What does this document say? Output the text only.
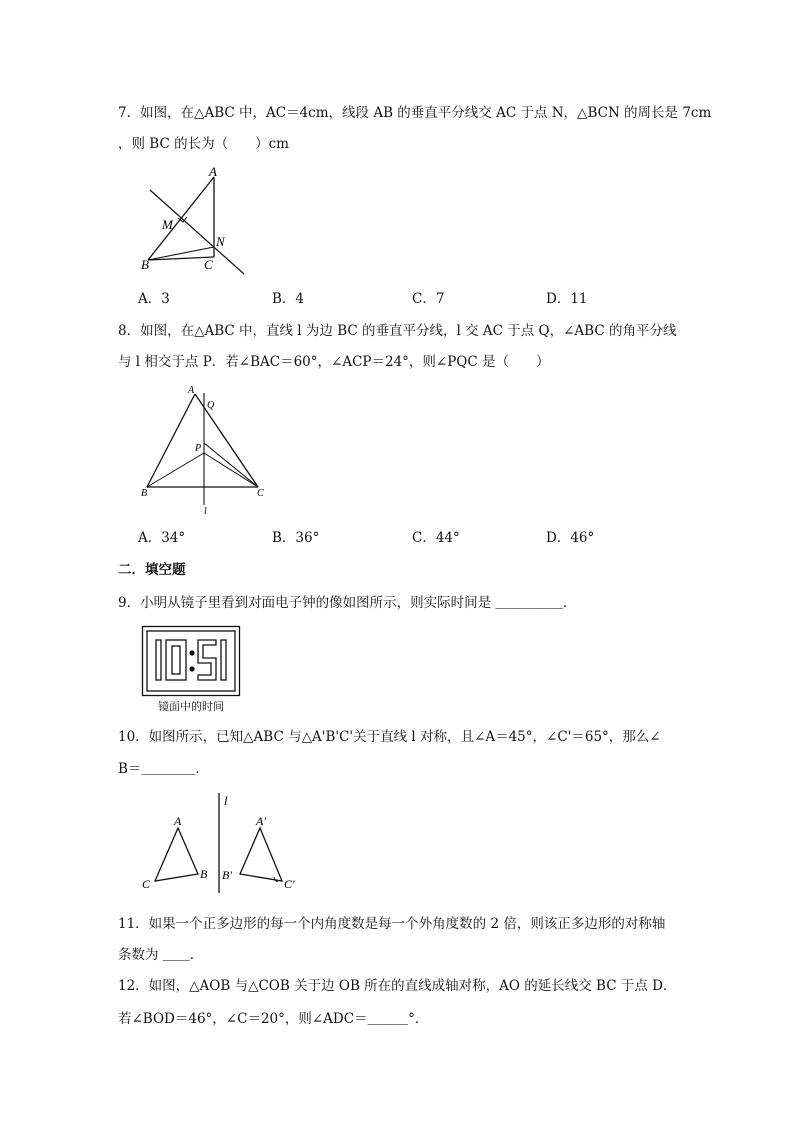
7．如图，在△ABC 中，AC＝4cm，线段 AB 的垂直平分线交 AC 于点 N，△BCN 的周长是 7cm
，则 BC 的长为（　　）cm
A
M
N
B	C
A．3	B．4	C．7	D．11
8．如图，在△ABC 中，直线 l 为边 BC 的垂直平分线，l 交 AC 于点 Q，∠ABC 的角平分线
与 l 相交于点 P．若∠BAC＝60°，∠ACP＝24°，则∠PQC 是（　　）
A
Q
P
B	C
l
A．34°	B．36°	C．44°	D．46°
二．填空题
9．小明从镜子里看到对面电子钟的像如图所示，则实际时间是 ＿＿＿＿＿．
镜面中的时间
10．如图所示，已知△ABC 与△A'B'C'关于直线 l 对称，且∠A＝45°，∠C'＝65°，那么∠
B＝＿＿＿＿．
l
A
B
C
A'
B'
C'
11．如果一个正多边形的每一个内角度数是每一个外角度数的 2 倍，则该正多边形的对称轴
条数为 ＿＿．
12．如图，△AOB 与△COB 关于边 OB 所在的直线成轴对称，AO 的延长线交 BC 于点 D．
若∠BOD＝46°，∠C＝20°，则∠ADC＝＿＿＿°．
